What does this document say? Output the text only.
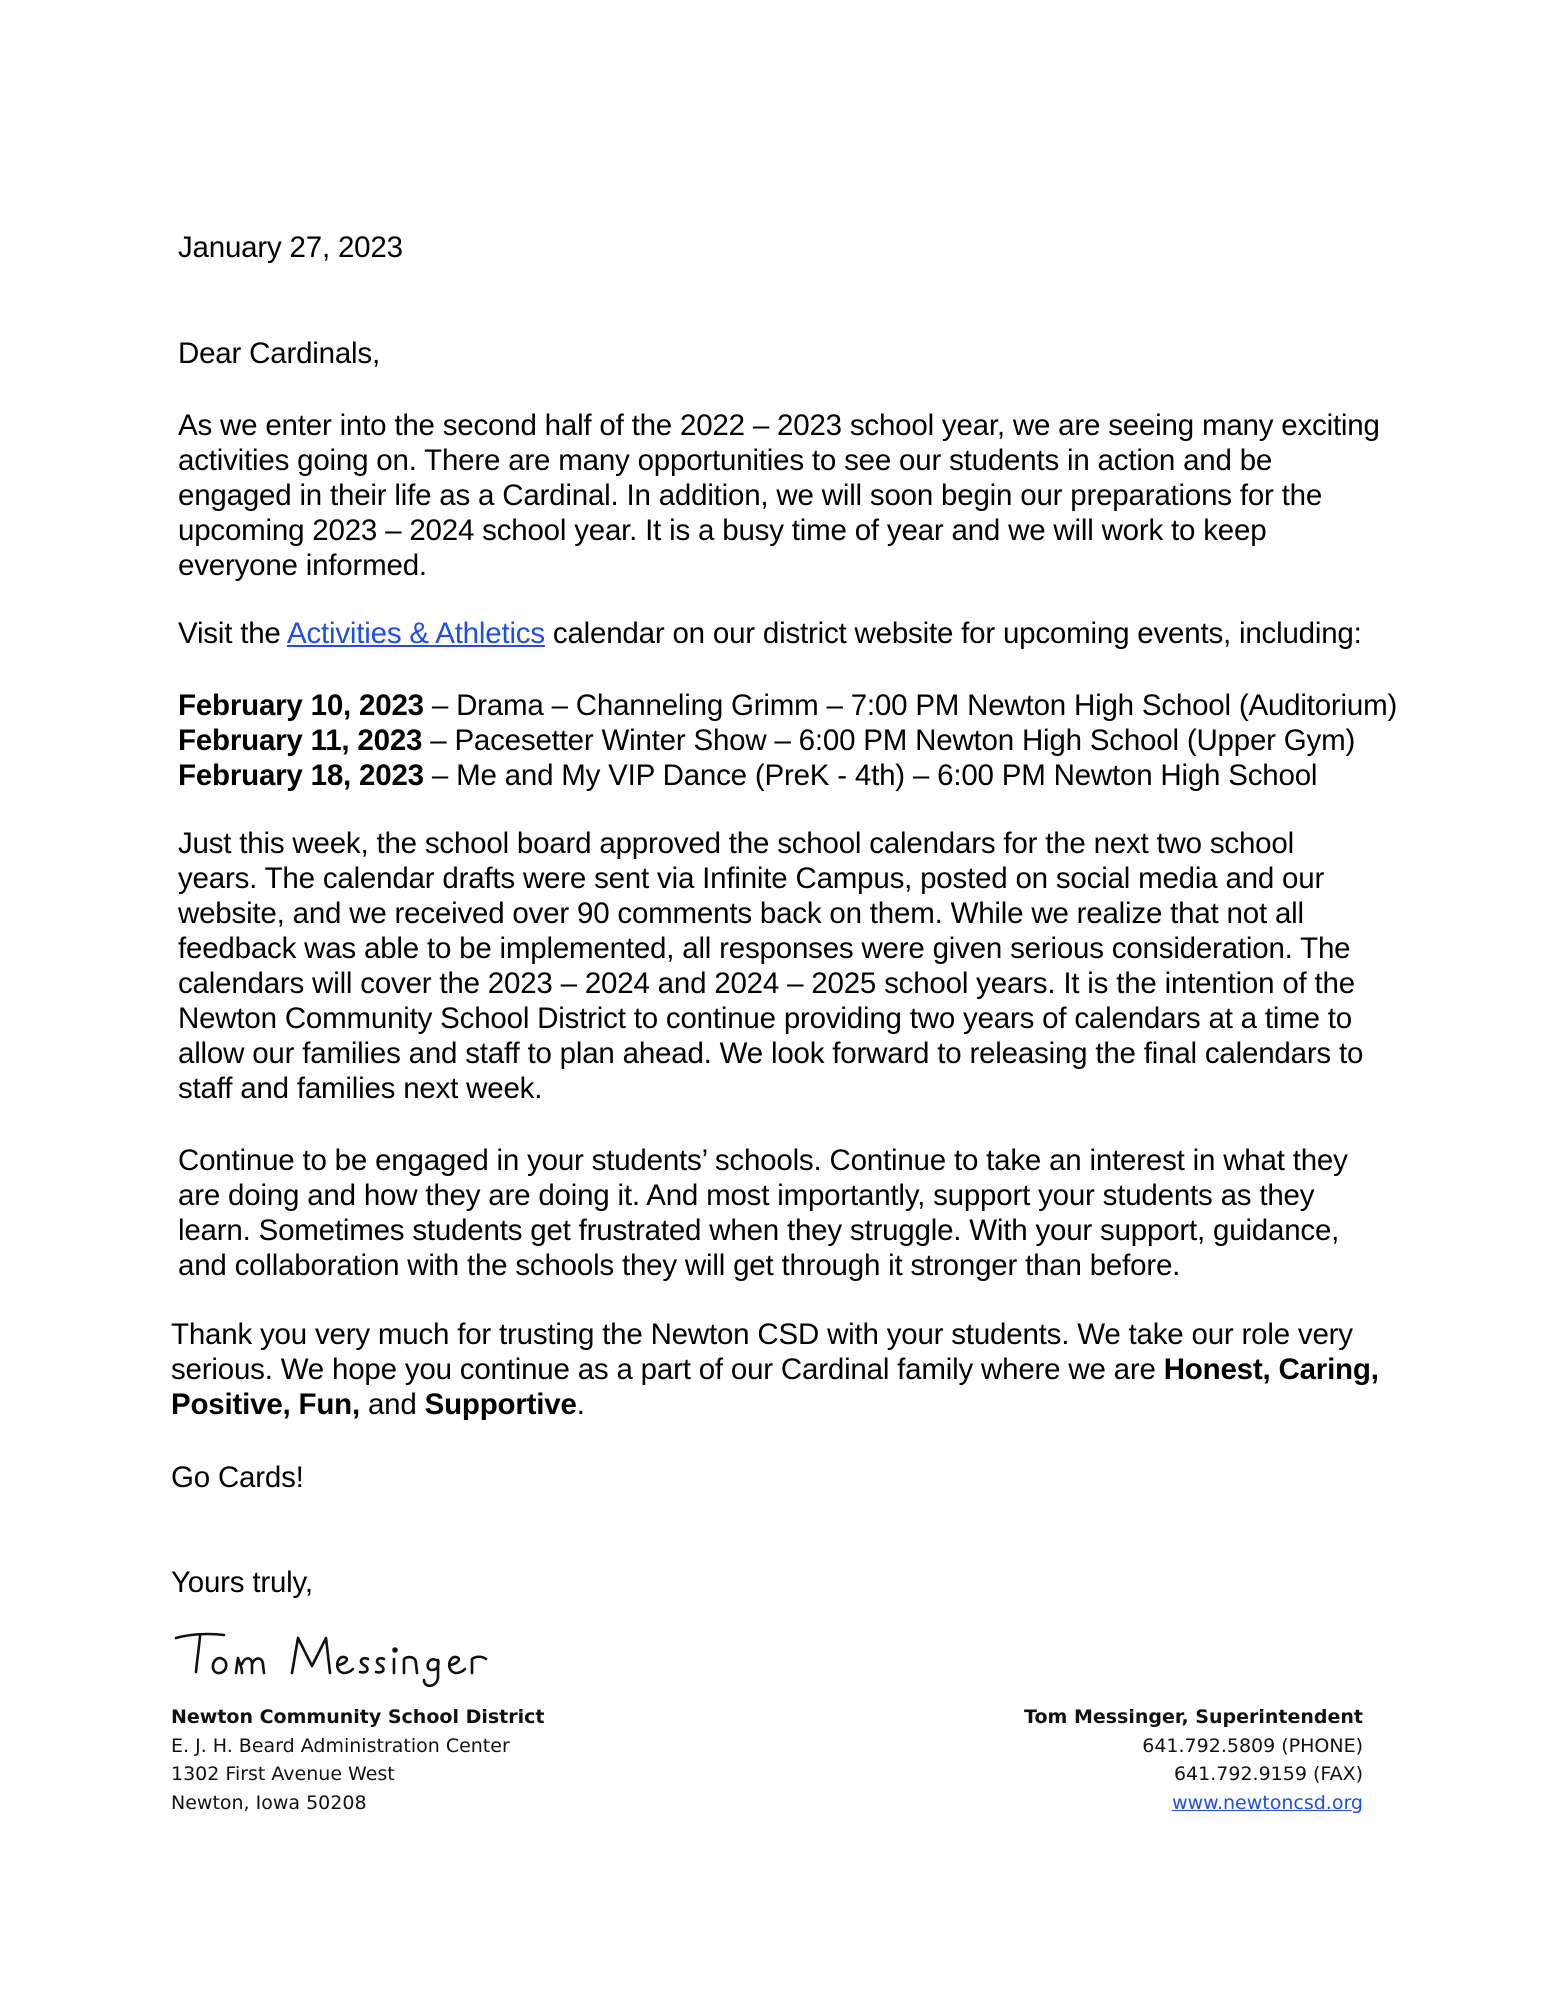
January 27, 2023

Dear Cardinals,

As we enter into the second half of the 2022 – 2023 school year, we are seeing many exciting
activities going on. There are many opportunities to see our students in action and be
engaged in their life as a Cardinal. In addition, we will soon begin our preparations for the
upcoming 2023 – 2024 school year. It is a busy time of year and we will work to keep
everyone informed.
Visit the Activities & Athletics calendar on our district website for upcoming events, including:
February 10, 2023 – Drama – Channeling Grimm – 7:00 PM Newton High School (Auditorium)
February 11, 2023 – Pacesetter Winter Show – 6:00 PM Newton High School (Upper Gym)
February 18, 2023 – Me and My VIP Dance (PreK - 4th) – 6:00 PM Newton High School
Just this week, the school board approved the school calendars for the next two school
years. The calendar drafts were sent via Infinite Campus, posted on social media and our
website, and we received over 90 comments back on them. While we realize that not all
feedback was able to be implemented, all responses were given serious consideration. The
calendars will cover the 2023 – 2024 and 2024 – 2025 school years. It is the intention of the
Newton Community School District to continue providing two years of calendars at a time to
allow our families and staff to plan ahead. We look forward to releasing the final calendars to
staff and families next week.
Continue to be engaged in your students’ schools. Continue to take an interest in what they
are doing and how they are doing it. And most importantly, support your students as they
learn. Sometimes students get frustrated when they struggle. With your support, guidance,
and collaboration with the schools they will get through it stronger than before.
Thank you very much for trusting the Newton CSD with your students. We take our role very
serious. We hope you continue as a part of our Cardinal family where we are Honest, Caring,
Positive, Fun, and Supportive.

Go Cards!

Yours truly,

Newton Community School District
E. J. H. Beard Administration Center
1302 First Avenue West
Newton, Iowa 50208
Tom Messinger, Superintendent
641.792.5809 (PHONE)
641.792.9159 (FAX)
www.newtoncsd.org
